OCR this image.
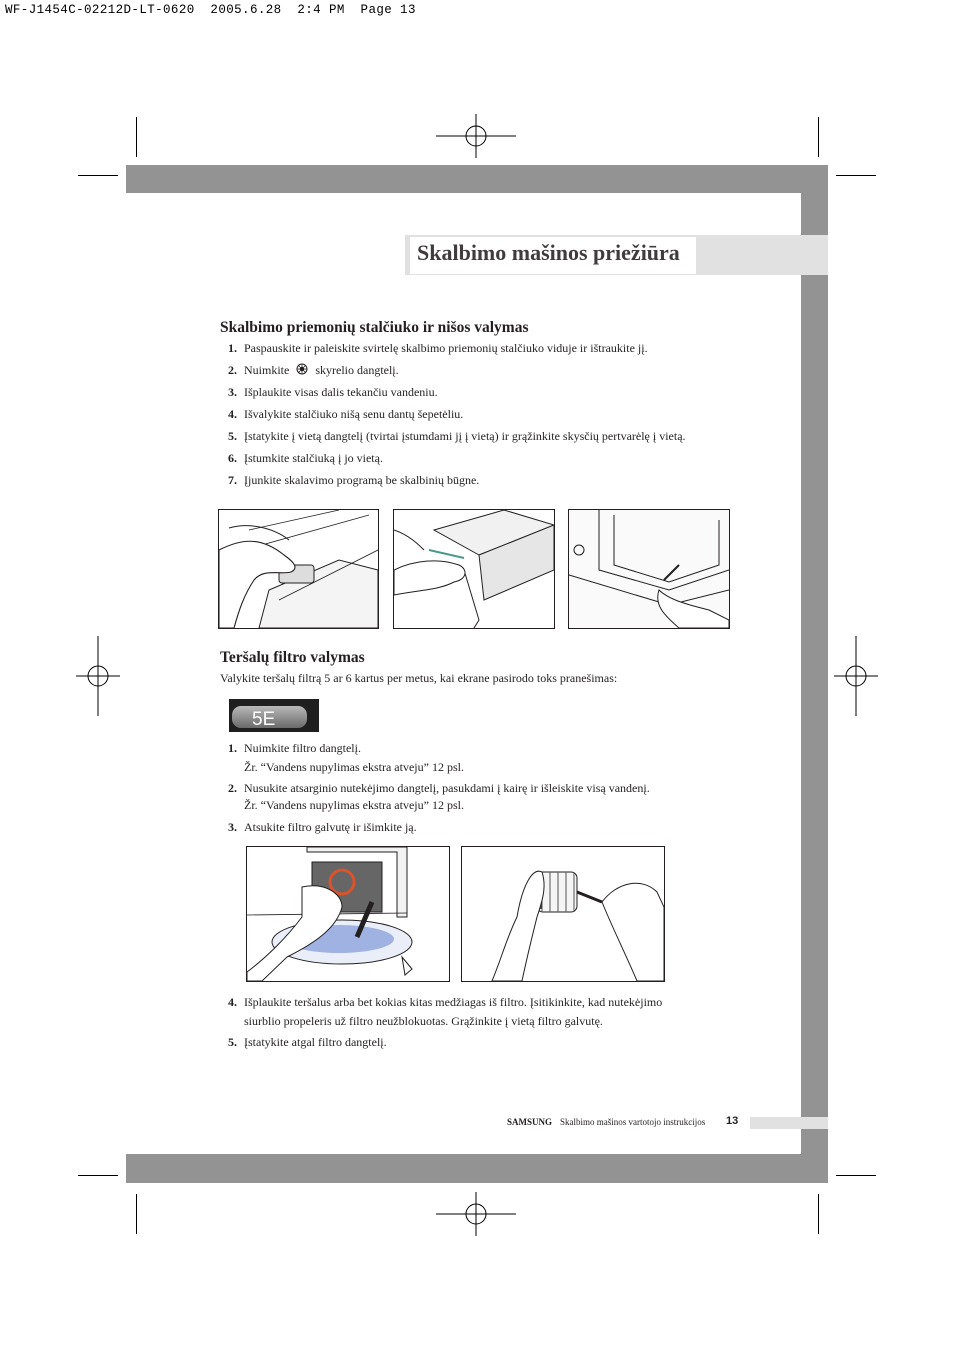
WF-J1454C-02212D-LT-0620  2005.6.28  2:4 PM  Page 13
Skalbimo mašinos priežiūra
Skalbimo priemonių stalčiuko ir nišos valymas
1. Paspauskite ir paleiskite svirtelę skalbimo priemonių stalčiuko viduje ir ištraukite jį.
2. Nuimkite skyrelio dangtelį.
3. Išplaukite visas dalis tekančiu vandeniu.
4. Išvalykite stalčiuko nišą senu dantų šepetėliu.
5. Įstatykite į vietą dangtelį (tvirtai įstumdami jį į vietą) ir grąžinkite skysčių pertvarėlę į vietą.
6. Įstumkite stalčiuką į jo vietą.
7. Įjunkite skalavimo programą be skalbinių būgne.
Teršalų filtro valymas
Valykite teršalų filtrą 5 ar 6 kartus per metus, kai ekrane pasirodo toks pranešimas:
5E
1. Nuimkite filtro dangtelį.
Žr. “Vandens nupylimas ekstra atveju” 12 psl.
2. Nusukite atsarginio nutekėjimo dangtelį, pasukdami į kairę ir išleiskite visą vandenį.
Žr. “Vandens nupylimas ekstra atveju” 12 psl.
3. Atsukite filtro galvutę ir išimkite ją.
4. Išplaukite teršalus arba bet kokias kitas medžiagas iš filtro. Įsitikinkite, kad nutekėjimo
siurblio propeleris už filtro neužblokuotas. Grąžinkite į vietą filtro galvutę.
5. Įstatykite atgal filtro dangtelį.
SAMSUNG Skalbimo mašinos vartotojo instrukcijos 13
